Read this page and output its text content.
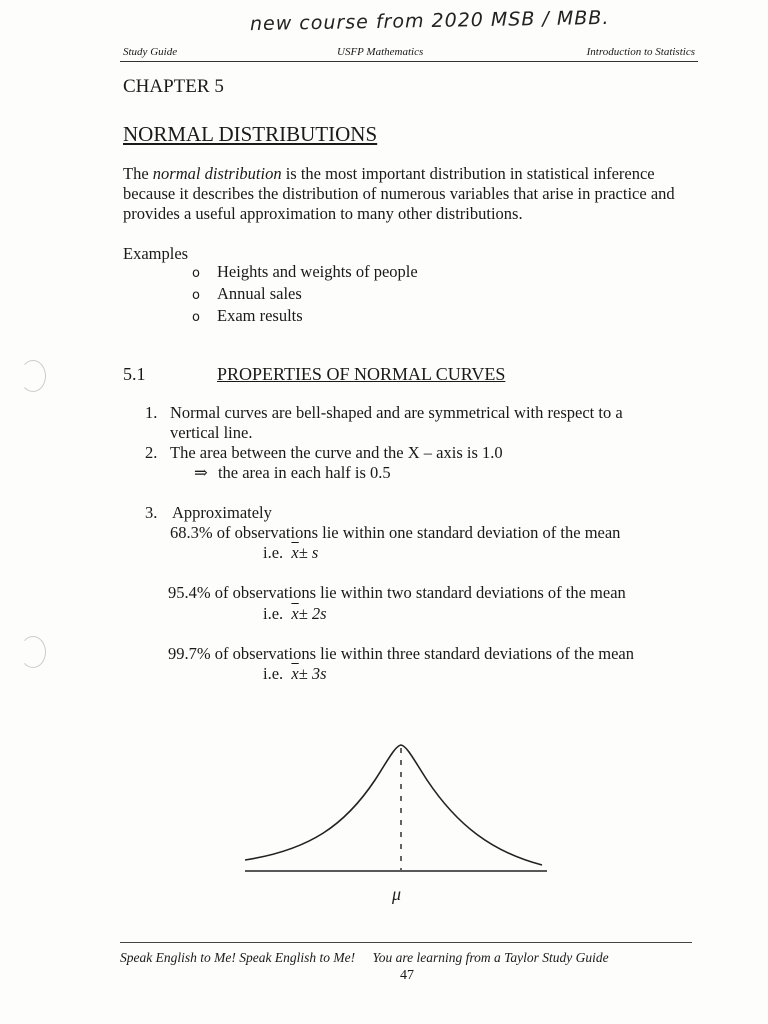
new course from 2020 MSB / MBB.
Study Guide	USFP Mathematics	Introduction to Statistics
CHAPTER 5
NORMAL DISTRIBUTIONS
The normal distribution is the most important distribution in statistical inference because it describes the distribution of numerous variables that arise in practice and provides a useful approximation to many other distributions.
Examples
o Heights and weights of people
o Annual sales
o Exam results
5.1	PROPERTIES OF NORMAL CURVES
1. Normal curves are bell-shaped and are symmetrical with respect to a
vertical line.
2. The area between the curve and the X – axis is 1.0
⇒ the area in each half is 0.5
3. Approximately
68.3% of observations lie within one standard deviation of the mean
i.e. $\overline{x}\pm s$
95.4% of observations lie within two standard deviations of the mean
i.e. $\overline{x}\pm 2s$
99.7% of observations lie within three standard deviations of the mean
i.e. $\overline{x}\pm 3s$
μ
Speak English to Me! Speak English to Me! You are learning from a Taylor Study Guide
47
